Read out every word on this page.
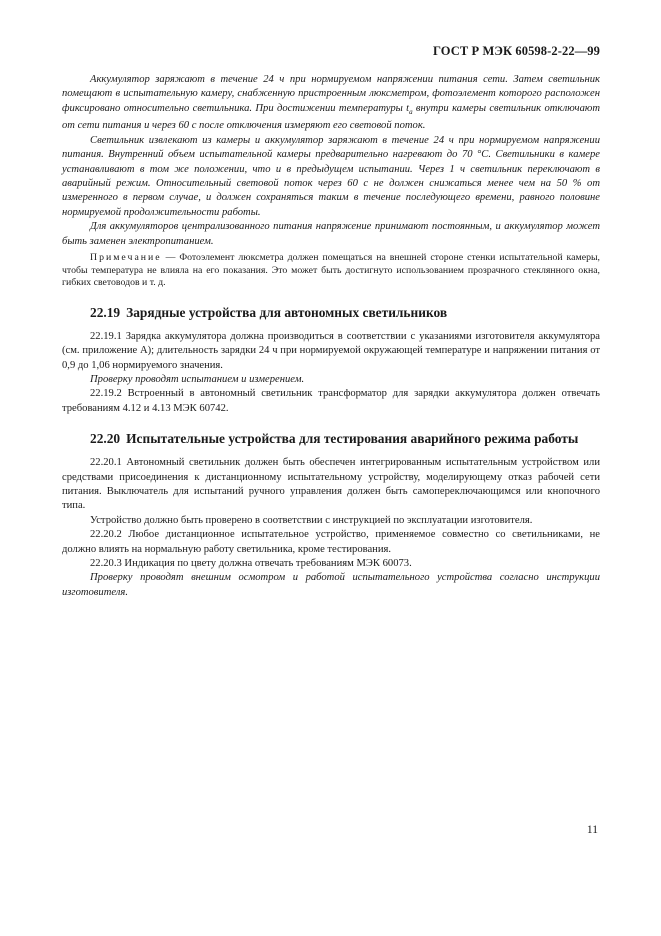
ГОСТ Р МЭК 60598-2-22—99

Аккумулятор заряжают в течение 24 ч при нормируемом напряжении питания сети. Затем светильник помещают в испытательную камеру, снабженную пристроенным люксметром, фотоэлемент которого расположен фиксировано относительно светильника. При достижении температуры $t_a$ внутри камеры светильник отключают от сети питания и через 60 с после отключения измеряют его световой поток.

Светильник извлекают из камеры и аккумулятор заряжают в течение 24 ч при нормируемом напряжении питания. Внутренний объем испытательной камеры предварительно нагревают до 70 °С. Светильники в камере устанавливают в том же положении, что и в предыдущем испытании. Через 1 ч светильник переключают в аварийный режим. Относительный световой поток через 60 с не должен снижаться менее чем на 50 % от измеренного в первом случае, и должен сохраняться таким в течение последующего времени, равного половине нормируемой продолжительности работы.

Для аккумуляторов централизованного питания напряжение принимают постоянным, и аккумулятор может быть заменен электропитанием.

Примечание — Фотоэлемент люксметра должен помещаться на внешней стороне стенки испытательной камеры, чтобы температура не влияла на его показания. Это может быть достигнуто использованием прозрачного стеклянного окна, гибких световодов и т. д.

22.19 Зарядные устройства для автономных светильников

22.19.1 Зарядка аккумулятора должна производиться в соответствии с указаниями изготовителя аккумулятора (см. приложение А); длительность зарядки 24 ч при нормируемой окружающей температуре и напряжении питания от 0,9 до 1,06 нормируемого значения.

Проверку проводят испытанием и измерением.

22.19.2 Встроенный в автономный светильник трансформатор для зарядки аккумулятора должен отвечать требованиям 4.12 и 4.13 МЭК 60742.

22.20 Испытательные устройства для тестирования аварийного режима работы

22.20.1 Автономный светильник должен быть обеспечен интегрированным испытательным устройством или средствами присоединения к дистанционному испытательному устройству, моделирующему отказ рабочей сети питания. Выключатель для испытаний ручного управления должен быть самопереключающимся или кнопочного типа.

Устройство должно быть проверено в соответствии с инструкцией по эксплуатации изготовителя.

22.20.2 Любое дистанционное испытательное устройство, применяемое совместно со светильниками, не должно влиять на нормальную работу светильника, кроме тестирования.

22.20.3 Индикация по цвету должна отвечать требованиям МЭК 60073.

Проверку проводят внешним осмотром и работой испытательного устройства согласно инструкции изготовителя.

11
